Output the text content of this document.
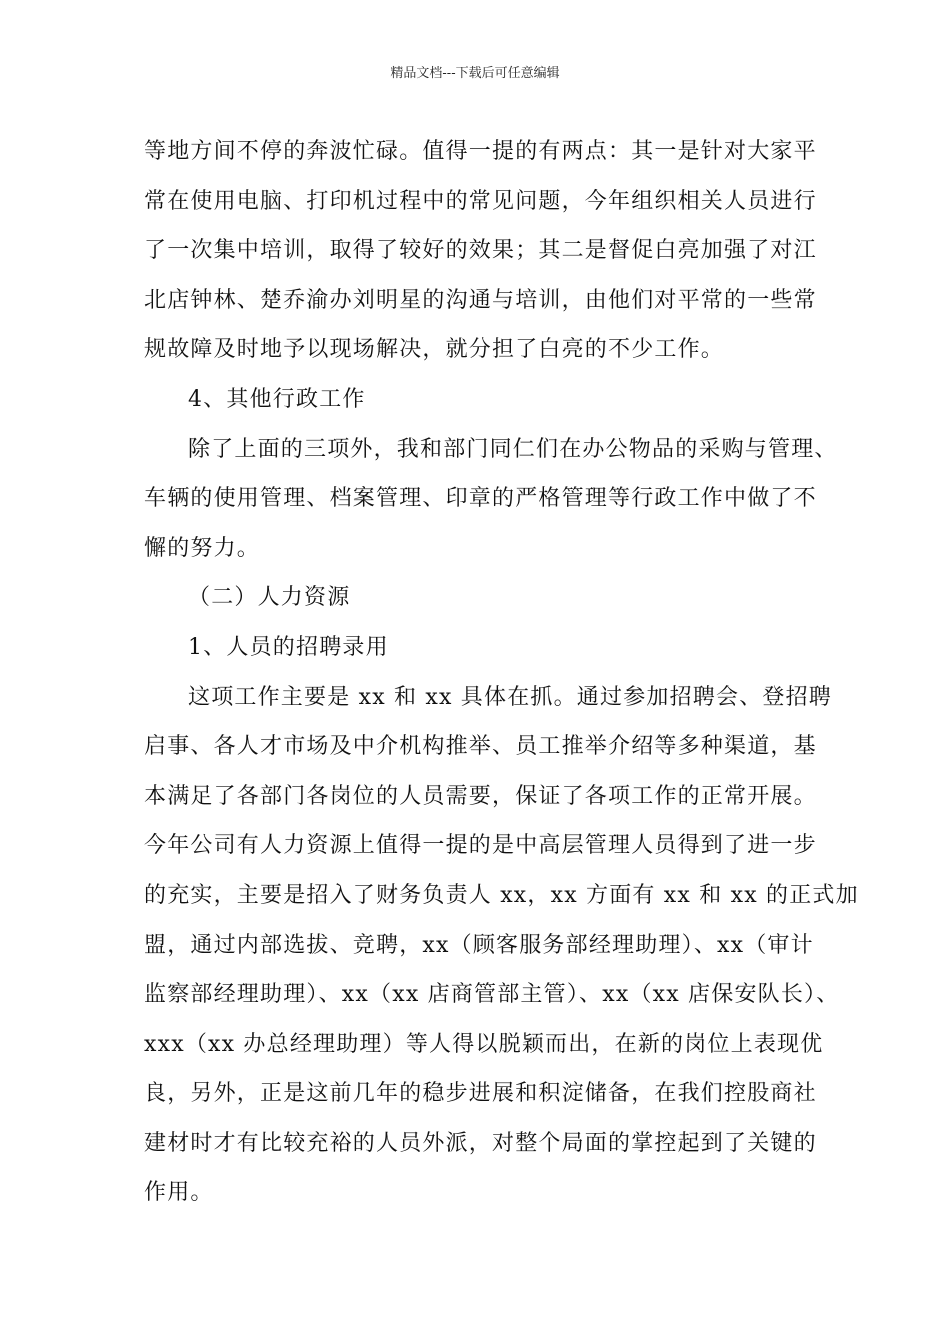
精品文档---下载后可任意编辑

等地方间不停的奔波忙碌。值得一提的有两点：其一是针对大家平

常在使用电脑、打印机过程中的常见问题，今年组织相关人员进行

了一次集中培训，取得了较好的效果；其二是督促白亮加强了对江

北店钟林、楚乔渝办刘明星的沟通与培训，由他们对平常的一些常

规故障及时地予以现场解决，就分担了白亮的不少工作。

4、其他行政工作

除了上面的三项外，我和部门同仁们在办公物品的采购与管理、

车辆的使用管理、档案管理、印章的严格管理等行政工作中做了不

懈的努力。

（二）人力资源

1、人员的招聘录用

这项工作主要是 xx 和 xx 具体在抓。通过参加招聘会、登招聘

启事、各人才市场及中介机构推举、员工推举介绍等多种渠道，基

本满足了各部门各岗位的人员需要，保证了各项工作的正常开展。

今年公司有人力资源上值得一提的是中高层管理人员得到了进一步

的充实，主要是招入了财务负责人 xx，xx 方面有 xx 和 xx 的正式加

盟，通过内部选拔、竞聘，xx（顾客服务部经理助理）、xx（审计

监察部经理助理）、xx（xx 店商管部主管）、xx（xx 店保安队长）、

xxx（xx 办总经理助理）等人得以脱颖而出，在新的岗位上表现优

良，另外，正是这前几年的稳步进展和积淀储备，在我们控股商社

建材时才有比较充裕的人员外派，对整个局面的掌控起到了关键的

作用。
